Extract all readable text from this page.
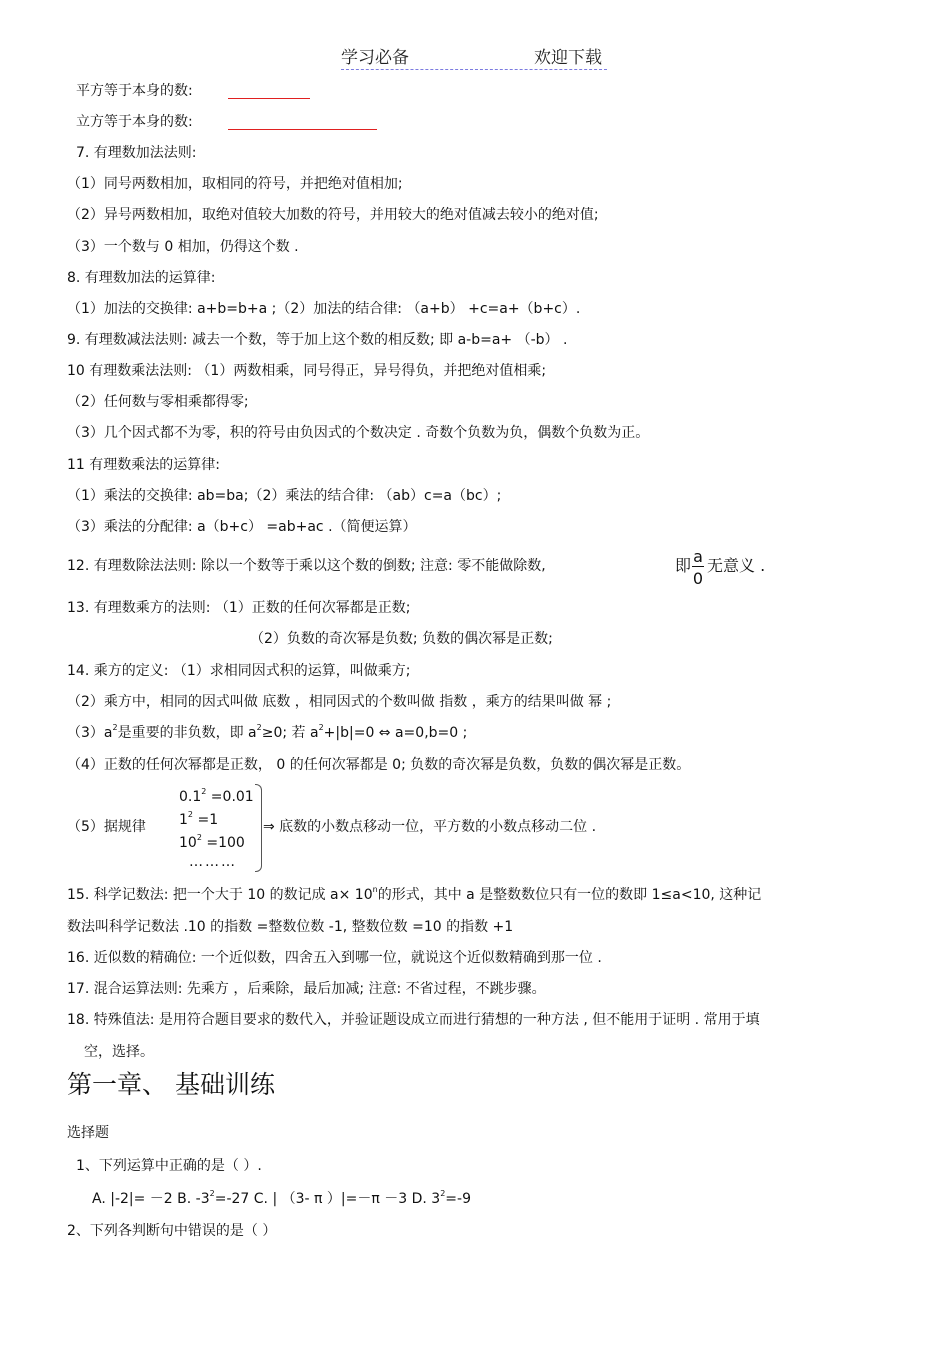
学习必备	欢迎下载
平方等于本身的数:
立方等于本身的数:
7. 有理数加法法则:
（1）同号两数相加，取相同的符号，并把绝对值相加;
（2）异号两数相加，取绝对值较大加数的符号，并用较大的绝对值减去较小的绝对值;
（3）一个数与 0 相加，仍得这个数 .
8. 有理数加法的运算律:
（1）加法的交换律: a+b=b+a ;（2）加法的结合律: （a+b） +c=a+（b+c）.
9. 有理数减法法则: 减去一个数，等于加上这个数的相反数; 即 a-b=a+ （-b） .
10 有理数乘法法则: （1）两数相乘，同号得正，异号得负，并把绝对值相乘;
（2）任何数与零相乘都得零;
（3）几个因式都不为零，积的符号由负因式的个数决定 . 奇数个负数为负，偶数个负数为正。
11 有理数乘法的运算律:
（1）乘法的交换律: ab=ba;（2）乘法的结合律: （ab）c=a（bc）;
（3）乘法的分配律: a（b+c） =ab+ac .（简便运算）
12. 有理数除法法则: 除以一个数等于乘以这个数的倒数; 注意: 零不能做除数,	即 a
0
无意义 .
13. 有理数乘方的法则: （1）正数的任何次幂都是正数;
（2）负数的奇次幂是负数; 负数的偶次幂是正数;
14. 乘方的定义: （1）求相同因式积的运算，叫做乘方;
（2）乘方中，相同的因式叫做 底数 ，相同因式的个数叫做 指数 ，乘方的结果叫做 幂 ;
$(3)a^2$是重要的非负数，即 $a^2\ge 0$; 若 $a^2+|b|=0$ ⇔ a=0,b=0 ;
（4）正数的任何次幂都是正数， 0 的任何次幂都是 0; 负数的奇次幂是负数，负数的偶次幂是正数。
（5）据规律
$0.1^2 =0.01$
$1^2 =1$
$10^2 =100$
………
⇒ 底数的小数点移动一位，平方数的小数点移动二位 .
15. 科学记数法: 把一个大于 10 的数记成 $a\times 10^n$的形式，其中 a 是整数数位只有一位的数即 1≤a<10, 这种记
数法叫科学记数法 .10 的指数 =整数位数 -1, 整数位数 =10 的指数 +1
16. 近似数的精确位: 一个近似数，四舍五入到哪一位，就说这个近似数精确到那一位 .
17. 混合运算法则: 先乘方 ，后乘除，最后加减; 注意: 不省过程，不跳步骤。
18. 特殊值法: 是用符合题目要求的数代入，并验证题设成立而进行猜想的一种方法 , 但不能用于证明 . 常用于填
空，选择。
第一章、 基础训练
选择题
1、下列运算中正确的是（ ）.
A. |-2|= －2 B. $-3^2=-27$ C. | （3- π ）|=－π －3 D. $3^2=-9$
2、下列各判断句中错误的是（ ）
